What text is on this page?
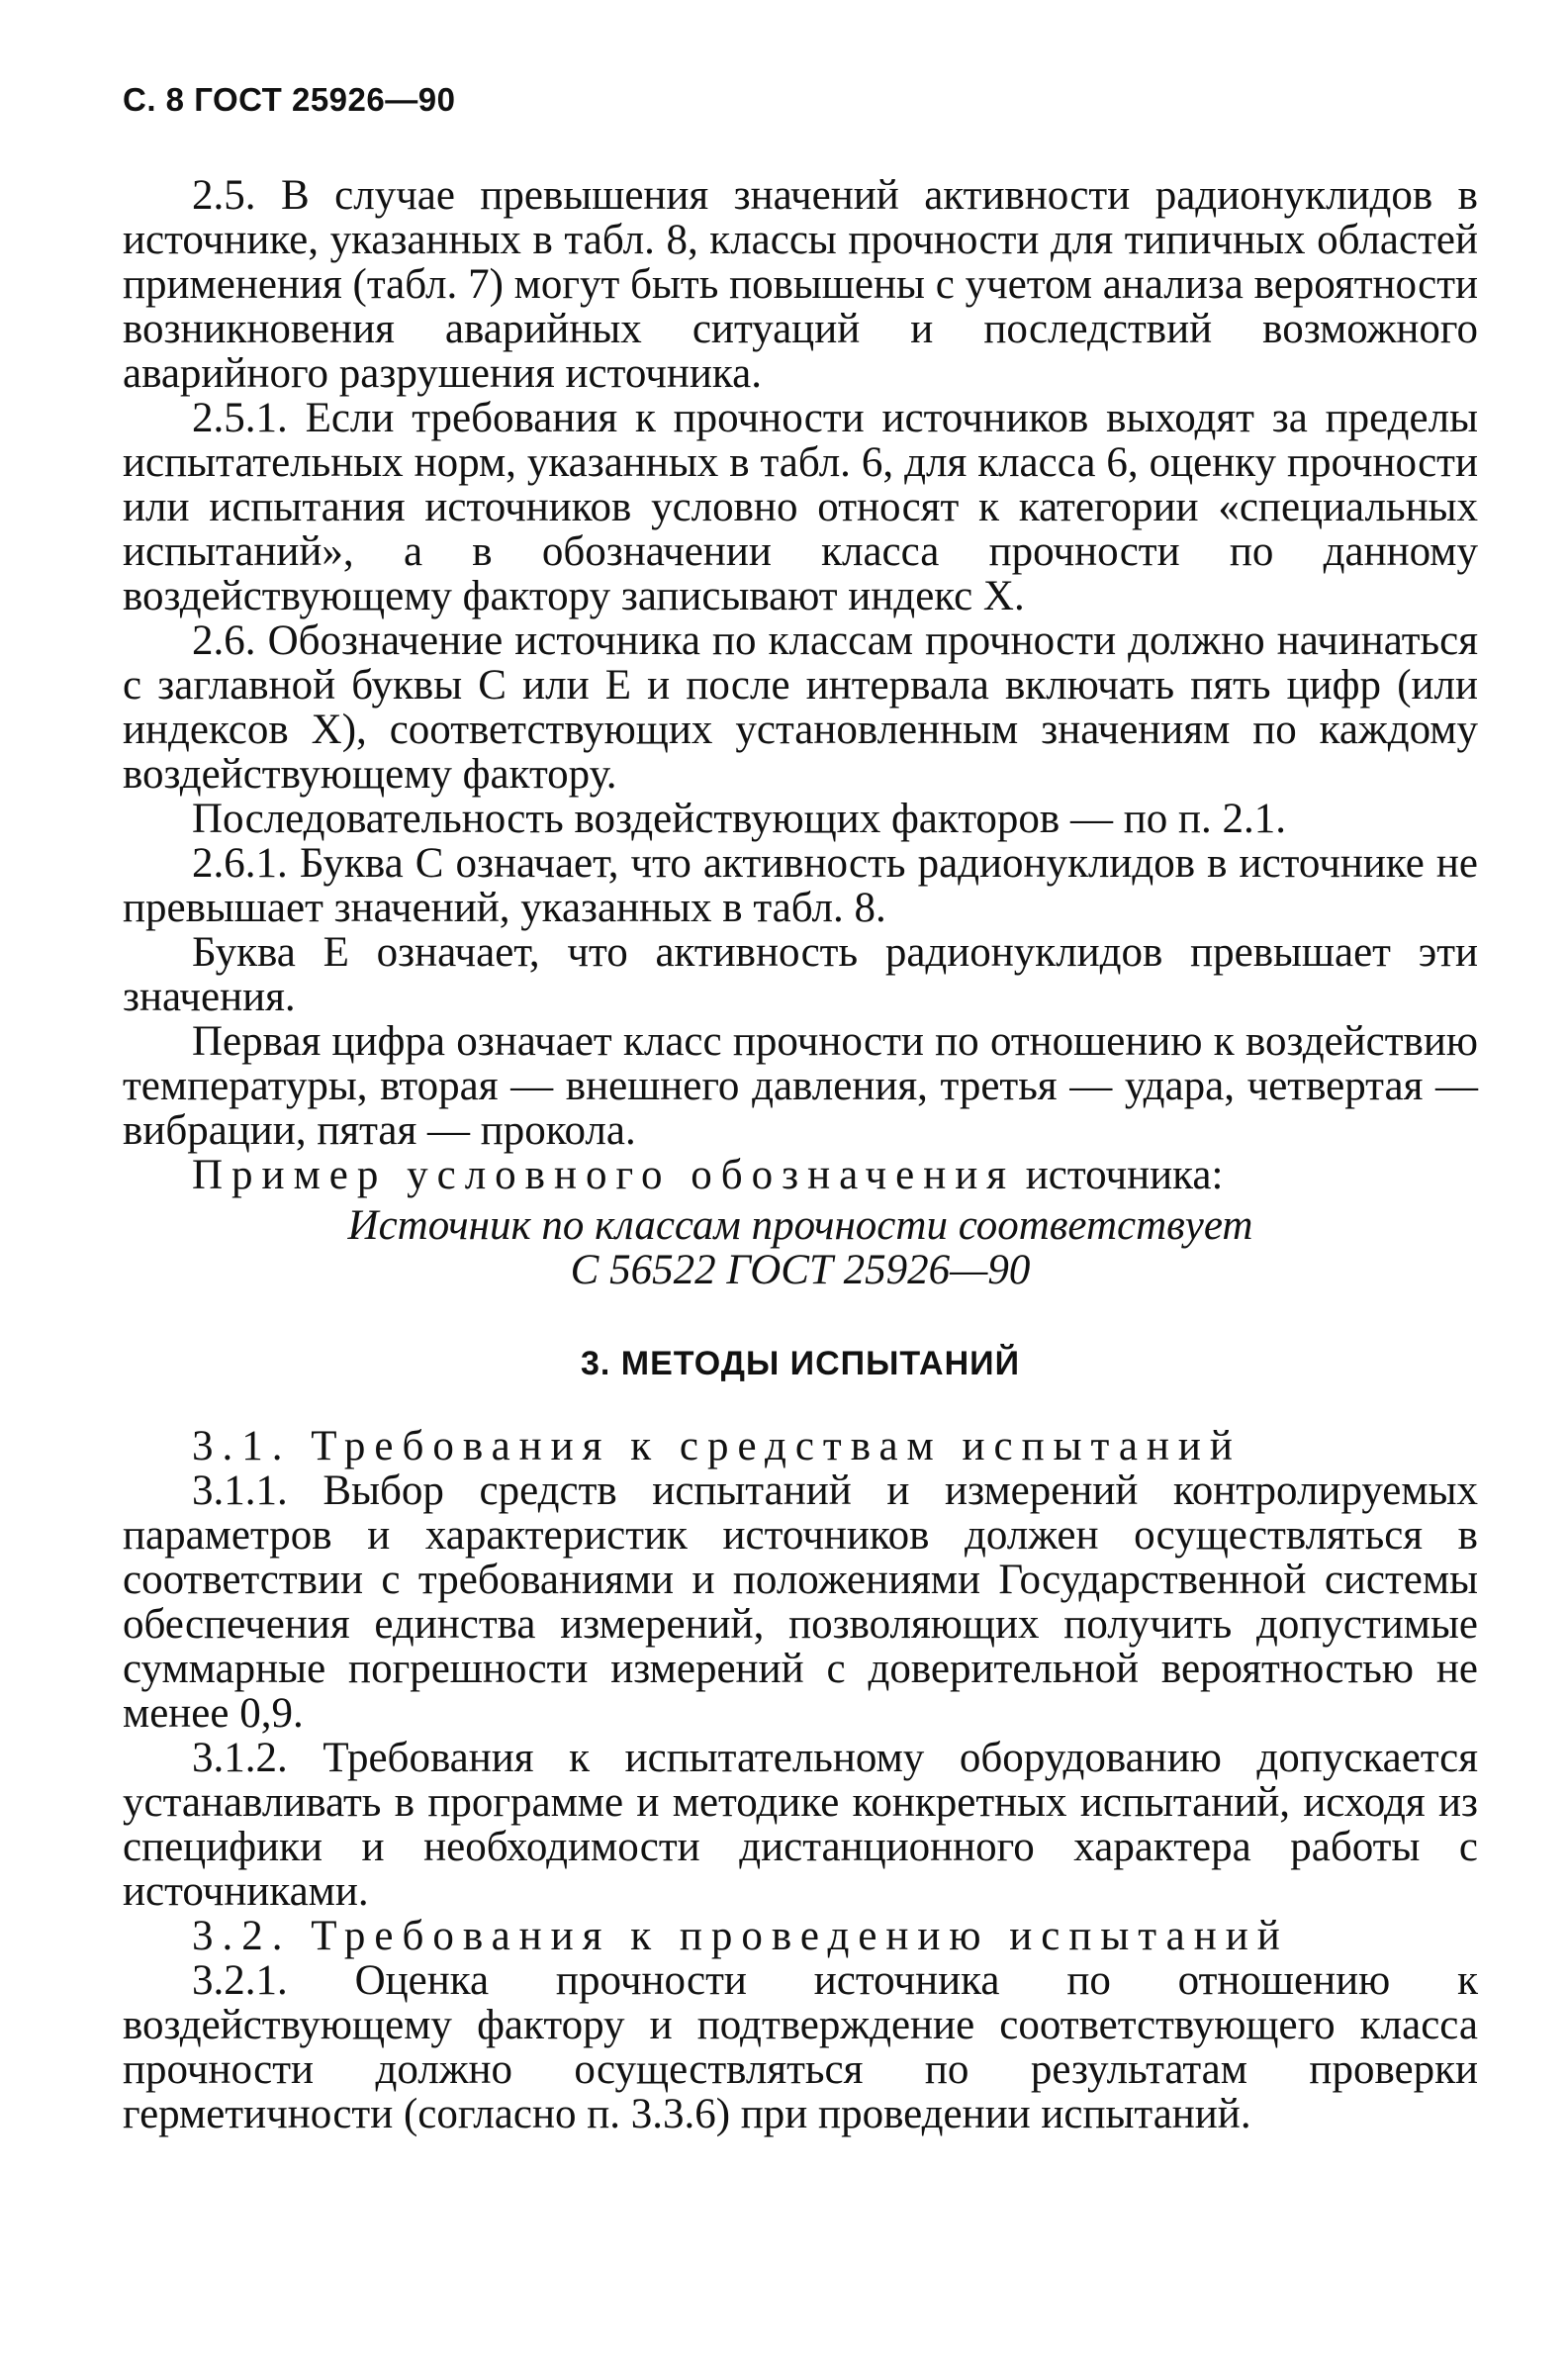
С. 8 ГОСТ 25926—90

2.5. В случае превышения значений активности радионуклидов в источнике, указанных в табл. 8, классы прочности для типичных областей применения (табл. 7) могут быть повышены с учетом анализа вероятности возникновения аварийных ситуаций и последствий возможного аварийного разрушения источника.

2.5.1. Если требования к прочности источников выходят за пределы испытательных норм, указанных в табл. 6, для класса 6, оценку прочности или испытания источников условно относят к категории «специальных испытаний», а в обозначении класса прочности по данному воздействующему фактору записывают индекс X.

2.6. Обозначение источника по классам прочности должно начинаться с заглавной буквы С или Е и после интервала включать пять цифр (или индексов X), соответствующих установленным значениям по каждому воздействующему фактору.

Последовательность воздействующих факторов — по п. 2.1.

2.6.1. Буква С означает, что активность радионуклидов в источнике не превышает значений, указанных в табл. 8.

Буква Е означает, что активность радионуклидов превышает эти значения.

Первая цифра означает класс прочности по отношению к воздействию температуры, вторая — внешнего давления, третья — удара, четвертая — вибрации, пятая — прокола.

Пример условного обозначения источника:

Источник по классам прочности соответствует
С 56522 ГОСТ 25926—90
3. МЕТОДЫ ИСПЫТАНИЙ

3.1. Требования к средствам испытаний

3.1.1. Выбор средств испытаний и измерений контролируемых параметров и характеристик источников должен осуществляться в соответствии с требованиями и положениями Государственной системы обеспечения единства измерений, позволяющих получить допустимые суммарные погрешности измерений с доверительной вероятностью не менее 0,9.

3.1.2. Требования к испытательному оборудованию допускается устанавливать в программе и методике конкретных испытаний, исходя из специфики и необходимости дистанционного характера работы с источниками.

3.2. Требования к проведению испытаний

3.2.1. Оценка прочности источника по отношению к воздействующему фактору и подтверждение соответствующего класса прочности должно осуществляться по результатам проверки герметичности (согласно п. 3.3.6) при проведении испытаний.
